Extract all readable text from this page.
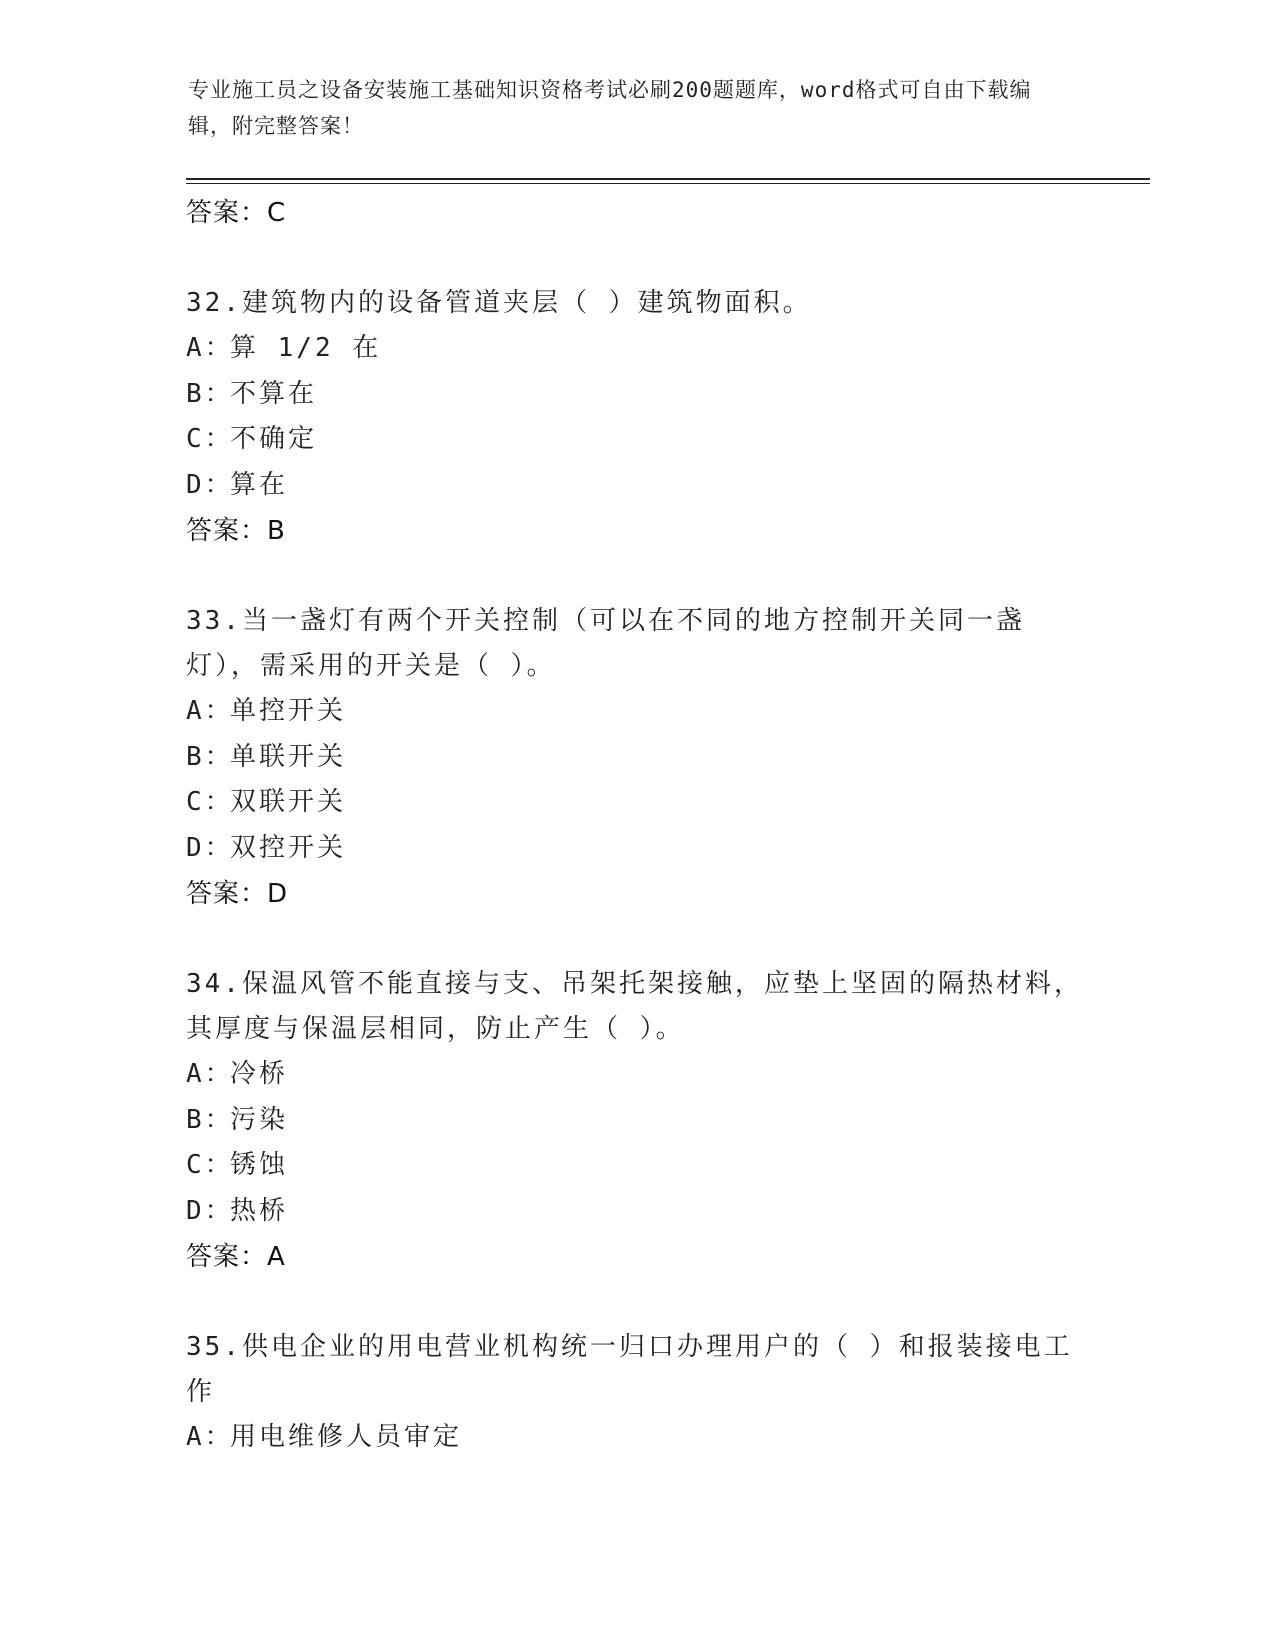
专业施工员之设备安装施工基础知识资格考试必刷200题题库，word格式可自由下载编辑，附完整答案！
答案：C
32.建筑物内的设备管道夹层（ ）建筑物面积。
A：算 1/2 在
B：不算在
C：不确定
D：算在
答案：B
33.当一盏灯有两个开关控制（可以在不同的地方控制开关同一盏灯），需采用的开关是（ ）。
A：单控开关
B：单联开关
C：双联开关
D：双控开关
答案：D
34.保温风管不能直接与支、吊架托架接触，应垫上坚固的隔热材料，其厚度与保温层相同，防止产生（ ）。
A：冷桥
B：污染
C：锈蚀
D：热桥
答案：A
35.供电企业的用电营业机构统一归口办理用户的（ ）和报装接电工作
A：用电维修人员审定
